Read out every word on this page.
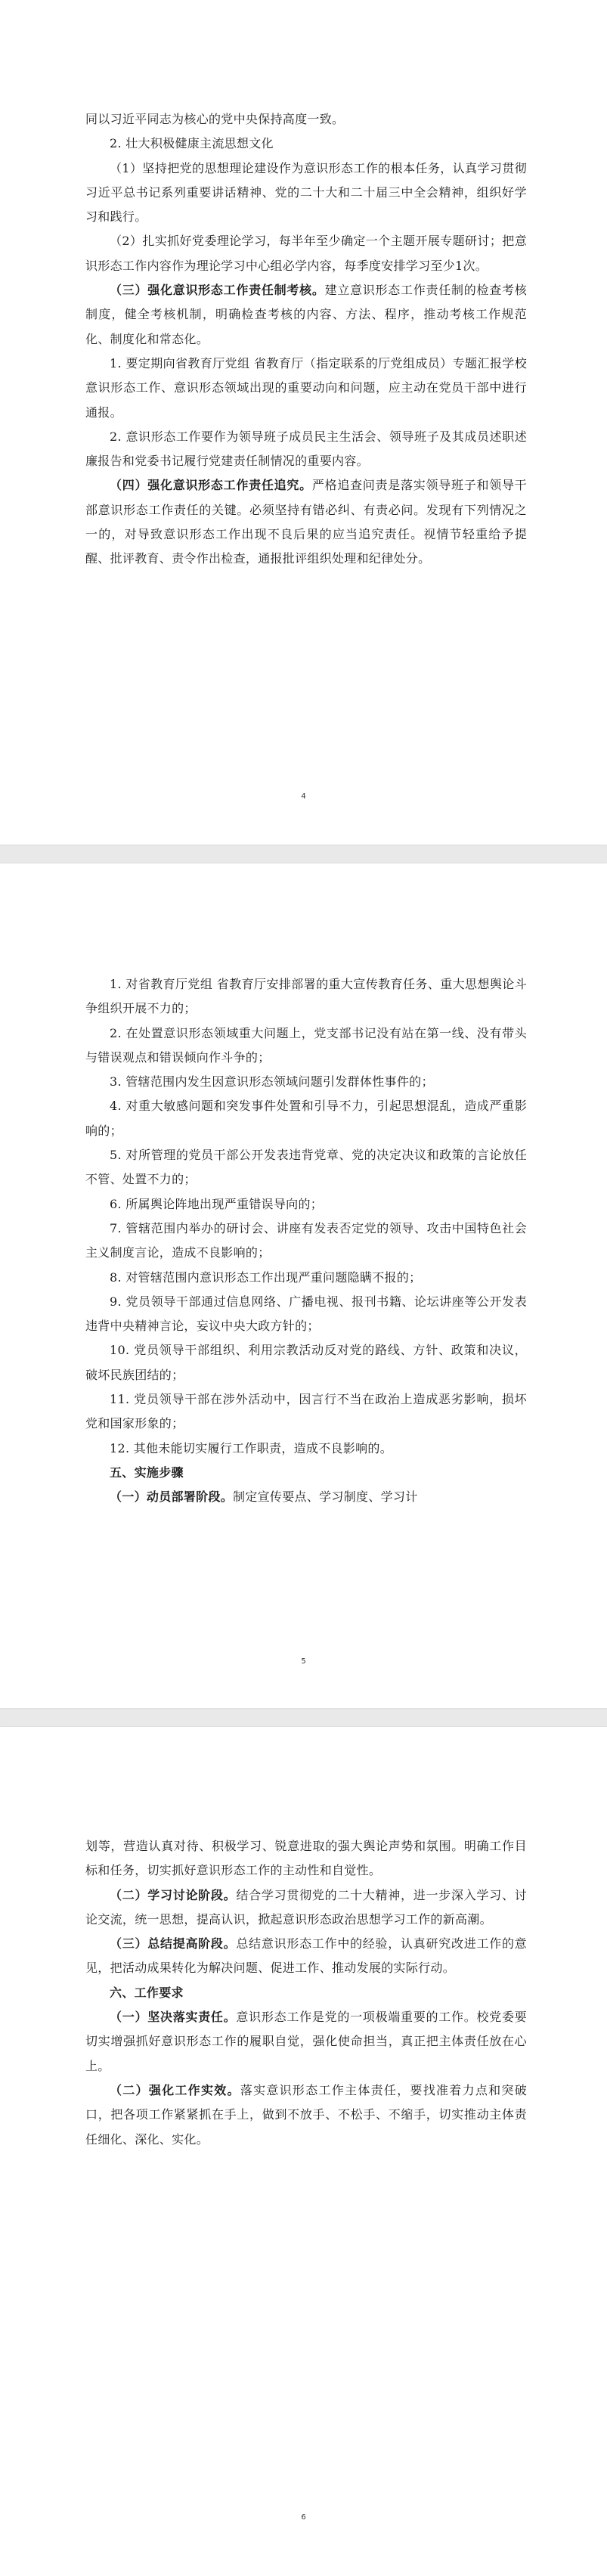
同以习近平同志为核心的党中央保持高度一致。

2. 壮大积极健康主流思想文化

（1）坚持把党的思想理论建设作为意识形态工作的根本任务，认真学习贯彻习近平总书记系列重要讲话精神、党的二十大和二十届三中全会精神，组织好学习和践行。

（2）扎实抓好党委理论学习，每半年至少确定一个主题开展专题研讨；把意识形态工作内容作为理论学习中心组必学内容，每季度安排学习至少1次。

（三）强化意识形态工作责任制考核。建立意识形态工作责任制的检查考核制度，健全考核机制，明确检查考核的内容、方法、程序，推动考核工作规范化、制度化和常态化。

1. 要定期向省教育厅党组 省教育厅（指定联系的厅党组成员）专题汇报学校意识形态工作、意识形态领域出现的重要动向和问题，应主动在党员干部中进行通报。

2. 意识形态工作要作为领导班子成员民主生活会、领导班子及其成员述职述廉报告和党委书记履行党建责任制情况的重要内容。

（四）强化意识形态工作责任追究。严格追查问责是落实领导班子和领导干部意识形态工作责任的关键。必须坚持有错必纠、有责必问。发现有下列情况之一的，对导致意识形态工作出现不良后果的应当追究责任。视情节轻重给予提醒、批评教育、责令作出检查，通报批评组织处理和纪律处分。

4

1. 对省教育厅党组 省教育厅安排部署的重大宣传教育任务、重大思想舆论斗争组织开展不力的；

2. 在处置意识形态领域重大问题上，党支部书记没有站在第一线、没有带头与错误观点和错误倾向作斗争的；

3. 管辖范围内发生因意识形态领域问题引发群体性事件的；

4. 对重大敏感问题和突发事件处置和引导不力，引起思想混乱，造成严重影响的；

5. 对所管理的党员干部公开发表违背党章、党的决定决议和政策的言论放任不管、处置不力的；

6. 所属舆论阵地出现严重错误导向的；

7. 管辖范围内举办的研讨会、讲座有发表否定党的领导、攻击中国特色社会主义制度言论，造成不良影响的；

8. 对管辖范围内意识形态工作出现严重问题隐瞒不报的；

9. 党员领导干部通过信息网络、广播电视、报刊书籍、论坛讲座等公开发表违背中央精神言论，妄议中央大政方针的；

10. 党员领导干部组织、利用宗教活动反对党的路线、方针、政策和决议，破坏民族团结的；

11. 党员领导干部在涉外活动中，因言行不当在政治上造成恶劣影响，损坏党和国家形象的；

12. 其他未能切实履行工作职责，造成不良影响的。

五、实施步骤

（一）动员部署阶段。制定宣传要点、学习制度、学习计

5

划等，营造认真对待、积极学习、锐意进取的强大舆论声势和氛围。明确工作目标和任务，切实抓好意识形态工作的主动性和自觉性。

（二）学习讨论阶段。结合学习贯彻党的二十大精神，进一步深入学习、讨论交流，统一思想，提高认识，掀起意识形态政治思想学习工作的新高潮。

（三）总结提高阶段。总结意识形态工作中的经验，认真研究改进工作的意见，把活动成果转化为解决问题、促进工作、推动发展的实际行动。

六、工作要求

（一）坚决落实责任。意识形态工作是党的一项极端重要的工作。校党委要切实增强抓好意识形态工作的履职自觉，强化使命担当，真正把主体责任放在心上。

（二）强化工作实效。落实意识形态工作主体责任，要找准着力点和突破口，把各项工作紧紧抓在手上，做到不放手、不松手、不缩手，切实推动主体责任细化、深化、实化。

6
